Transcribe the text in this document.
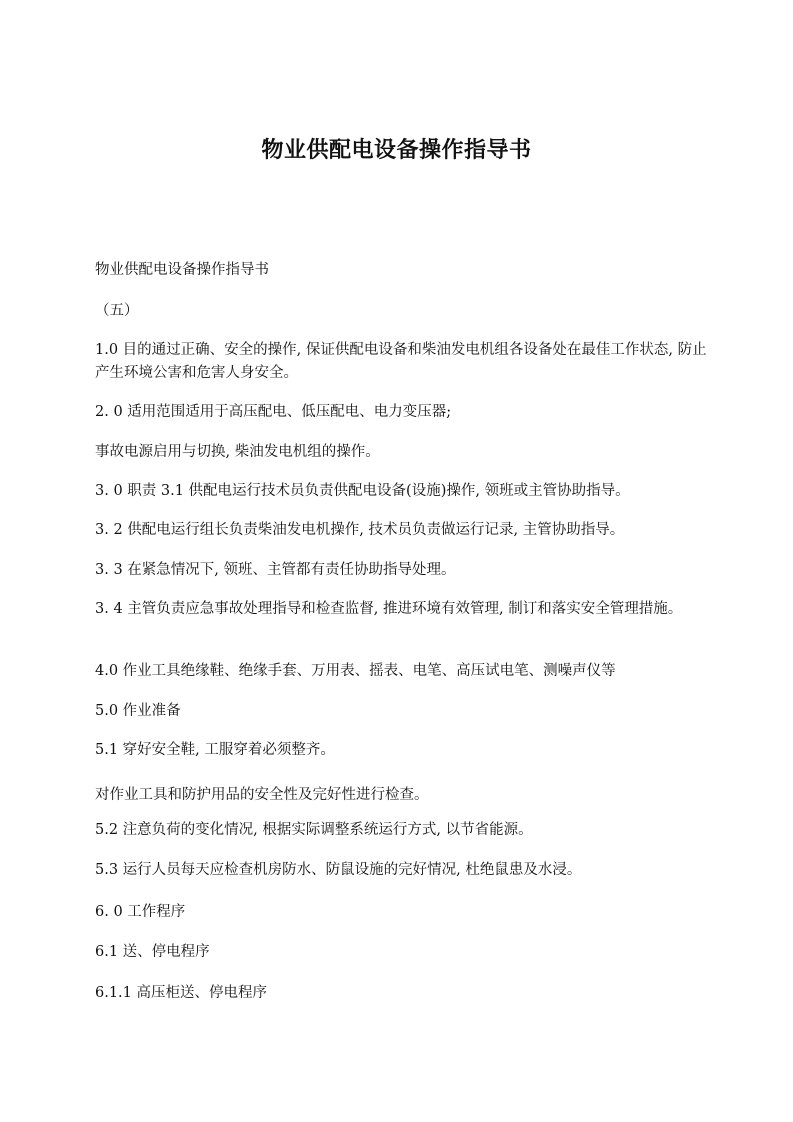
物业供配电设备操作指导书

物业供配电设备操作指导书

（五）

1.0 目的通过正确、安全的操作, 保证供配电设备和柴油发电机组各设备处在最佳工作状态, 防止产生环境公害和危害人身安全。

2. 0 适用范围适用于高压配电、低压配电、电力变压器;

事故电源启用与切换, 柴油发电机组的操作。

3. 0 职责 3.1 供配电运行技术员负责供配电设备(设施)操作, 领班或主管协助指导。

3. 2 供配电运行组长负责柴油发电机操作, 技术员负责做运行记录, 主管协助指导。

3. 3 在紧急情况下, 领班、主管都有责任协助指导处理。

3. 4 主管负责应急事故处理指导和检查监督, 推进环境有效管理, 制订和落实安全管理措施。

4.0 作业工具绝缘鞋、绝缘手套、万用表、摇表、电笔、高压试电笔、测噪声仪等

5.0 作业准备

5.1 穿好安全鞋, 工服穿着必须整齐。

对作业工具和防护用品的安全性及完好性进行检查。

5.2 注意负荷的变化情况, 根据实际调整系统运行方式, 以节省能源。

5.3 运行人员每天应检查机房防水、防鼠设施的完好情况, 杜绝鼠患及水浸。

6. 0 工作程序

6.1 送、停电程序

6.1.1 高压柜送、停电程序
